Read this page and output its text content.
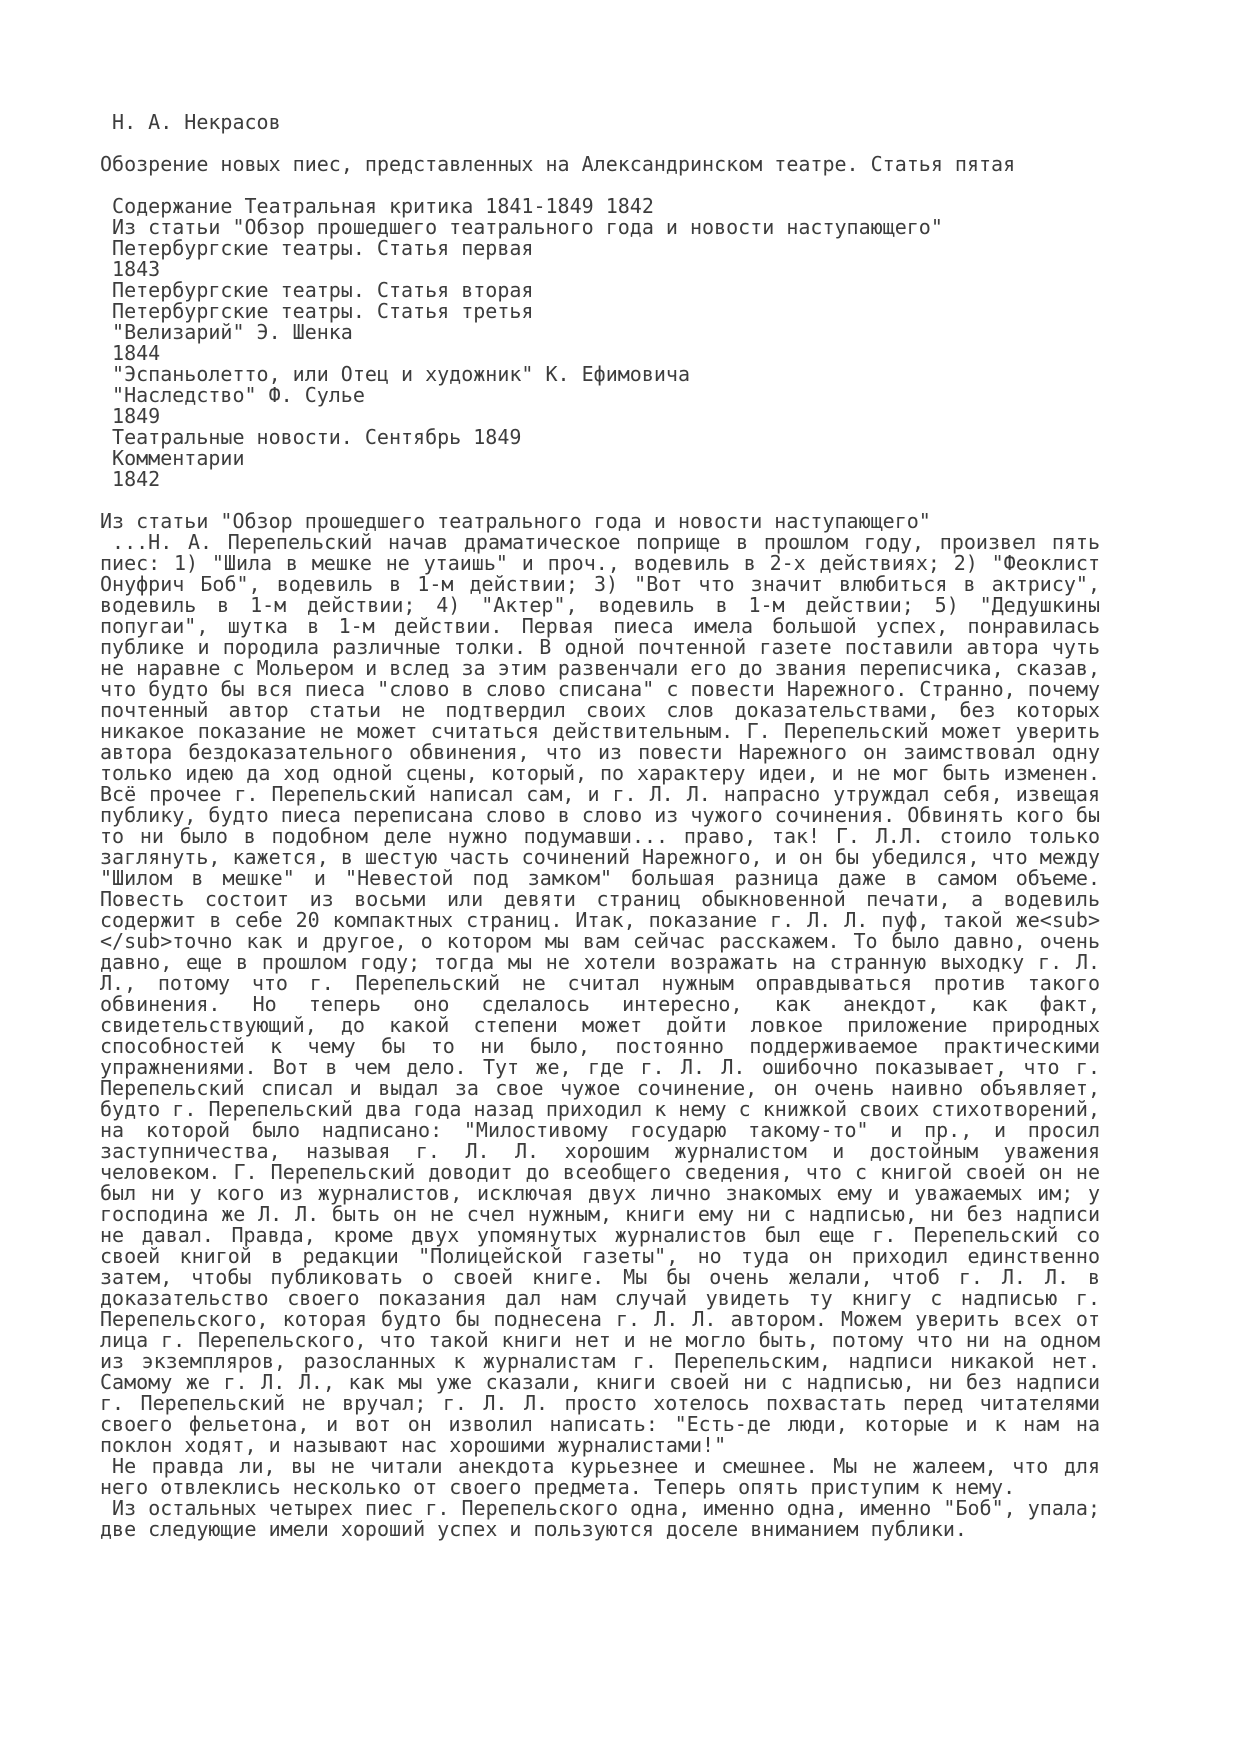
Н. А. Некрасов
Обозрение новых пиес, представленных на Александринском театре. Статья пятая
Содержание Театральная критика 1841-1849 1842
Из статьи "Обзор прошедшего театрального года и новости наступающего"
Петербургские театры. Статья первая
1843
Петербургские театры. Статья вторая
Петербургские театры. Статья третья
"Велизарий" Э. Шенка
1844
"Эспаньолетто, или Отец и художник" К. Ефимовича
"Наследство" Ф. Сулье
1849
Театральные новости. Сентябрь 1849
Комментарии
1842
Из статьи "Обзор прошедшего театрального года и новости наступающего"
...Н. А. Перепельский начав драматическое поприще в прошлом году, произвел пять пиес: 1) "Шила в мешке не утаишь" и проч., водевиль в 2-х действиях; 2) "Феоклист Онуфрич Боб", водевиль в 1-м действии; 3) "Вот что значит влюбиться в актрису", водевиль в 1-м действии; 4) "Актер", водевиль в 1-м действии; 5) "Дедушкины попугаи", шутка в 1-м действии. Первая пиеса имела большой успех, понравилась публике и породила различные толки. В одной почтенной газете поставили автора чуть не наравне с Мольером и вслед за этим развенчали его до звания переписчика, сказав, что будто бы вся пиеса "слово в слово списана" с повести Нарежного. Странно, почему почтенный автор статьи не подтвердил своих слов доказательствами, без которых никакое показание не может считаться действительным. Г. Перепельский может уверить автора бездоказательного обвинения, что из повести Нарежного он заимствовал одну только идею да ход одной сцены, который, по характеру идеи, и не мог быть изменен. Всё прочее г. Перепельский написал сам, и г. Л. Л. напрасно утруждал себя, извещая публику, будто пиеса переписана слово в слово из чужого сочинения. Обвинять кого бы то ни было в подобном деле нужно подумавши... право, так! Г. Л.Л. стоило только заглянуть, кажется, в шестую часть сочинений Нарежного, и он бы убедился, что между "Шилом в мешке" и "Невестой под замком" большая разница даже в самом объеме. Повесть состоит из восьми или девяти страниц обыкновенной печати, а водевиль содержит в себе 20 компактных страниц. Итак, показание г. Л. Л. пуф, такой же<sub> </sub>точно как и другое, о котором мы вам сейчас расскажем. То было давно, очень давно, еще в прошлом году; тогда мы не хотели возражать на странную выходку г. Л. Л., потому что г. Перепельский не считал нужным оправдываться против такого обвинения. Но теперь оно сделалось интересно, как анекдот, как факт, свидетельствующий, до какой степени может дойти ловкое приложение природных способностей к чему бы то ни было, постоянно поддерживаемое практическими упражнениями. Вот в чем дело. Тут же, где г. Л. Л. ошибочно показывает, что г. Перепельский списал и выдал за свое чужое сочинение, он очень наивно объявляет, будто г. Перепельский два года назад приходил к нему с книжкой своих стихотворений, на которой было надписано: "Милостивому государю такому-то" и пр., и просил заступничества, называя г. Л. Л. хорошим журналистом и достойным уважения человеком. Г. Перепельский доводит до всеобщего сведения, что с книгой своей он не был ни у кого из журналистов, исключая двух лично знакомых ему и уважаемых им; у господина же Л. Л. быть он не счел нужным, книги ему ни с надписью, ни без надписи не давал. Правда, кроме двух упомянутых журналистов был еще г. Перепельский со своей книгой в редакции "Полицейской газеты", но туда он приходил единственно затем, чтобы публиковать о своей книге. Мы бы очень желали, чтоб г. Л. Л. в доказательство своего показания дал нам случай увидеть ту книгу с надписью г. Перепельского, которая будто бы поднесена г. Л. Л. автором. Можем уверить всех от лица г. Перепельского, что такой книги нет и не могло быть, потому что ни на одном из экземпляров, разосланных к журналистам г. Перепельским, надписи никакой нет. Самому же г. Л. Л., как мы уже сказали, книги своей ни с надписью, ни без надписи г. Перепельский не вручал; г. Л. Л. просто хотелось похвастать перед читателями своего фельетона, и вот он изволил написать: "Есть-де люди, которые и к нам на поклон ходят, и называют нас хорошими журналистами!"
Не правда ли, вы не читали анекдота курьезнее и смешнее. Мы не жалеем, что для него отвлеклись несколько от своего предмета. Теперь опять приступим к нему.
Из остальных четырех пиес г. Перепельского одна, именно одна, именно "Боб", упала; две следующие имели хороший успех и пользуются доселе вниманием публики.
